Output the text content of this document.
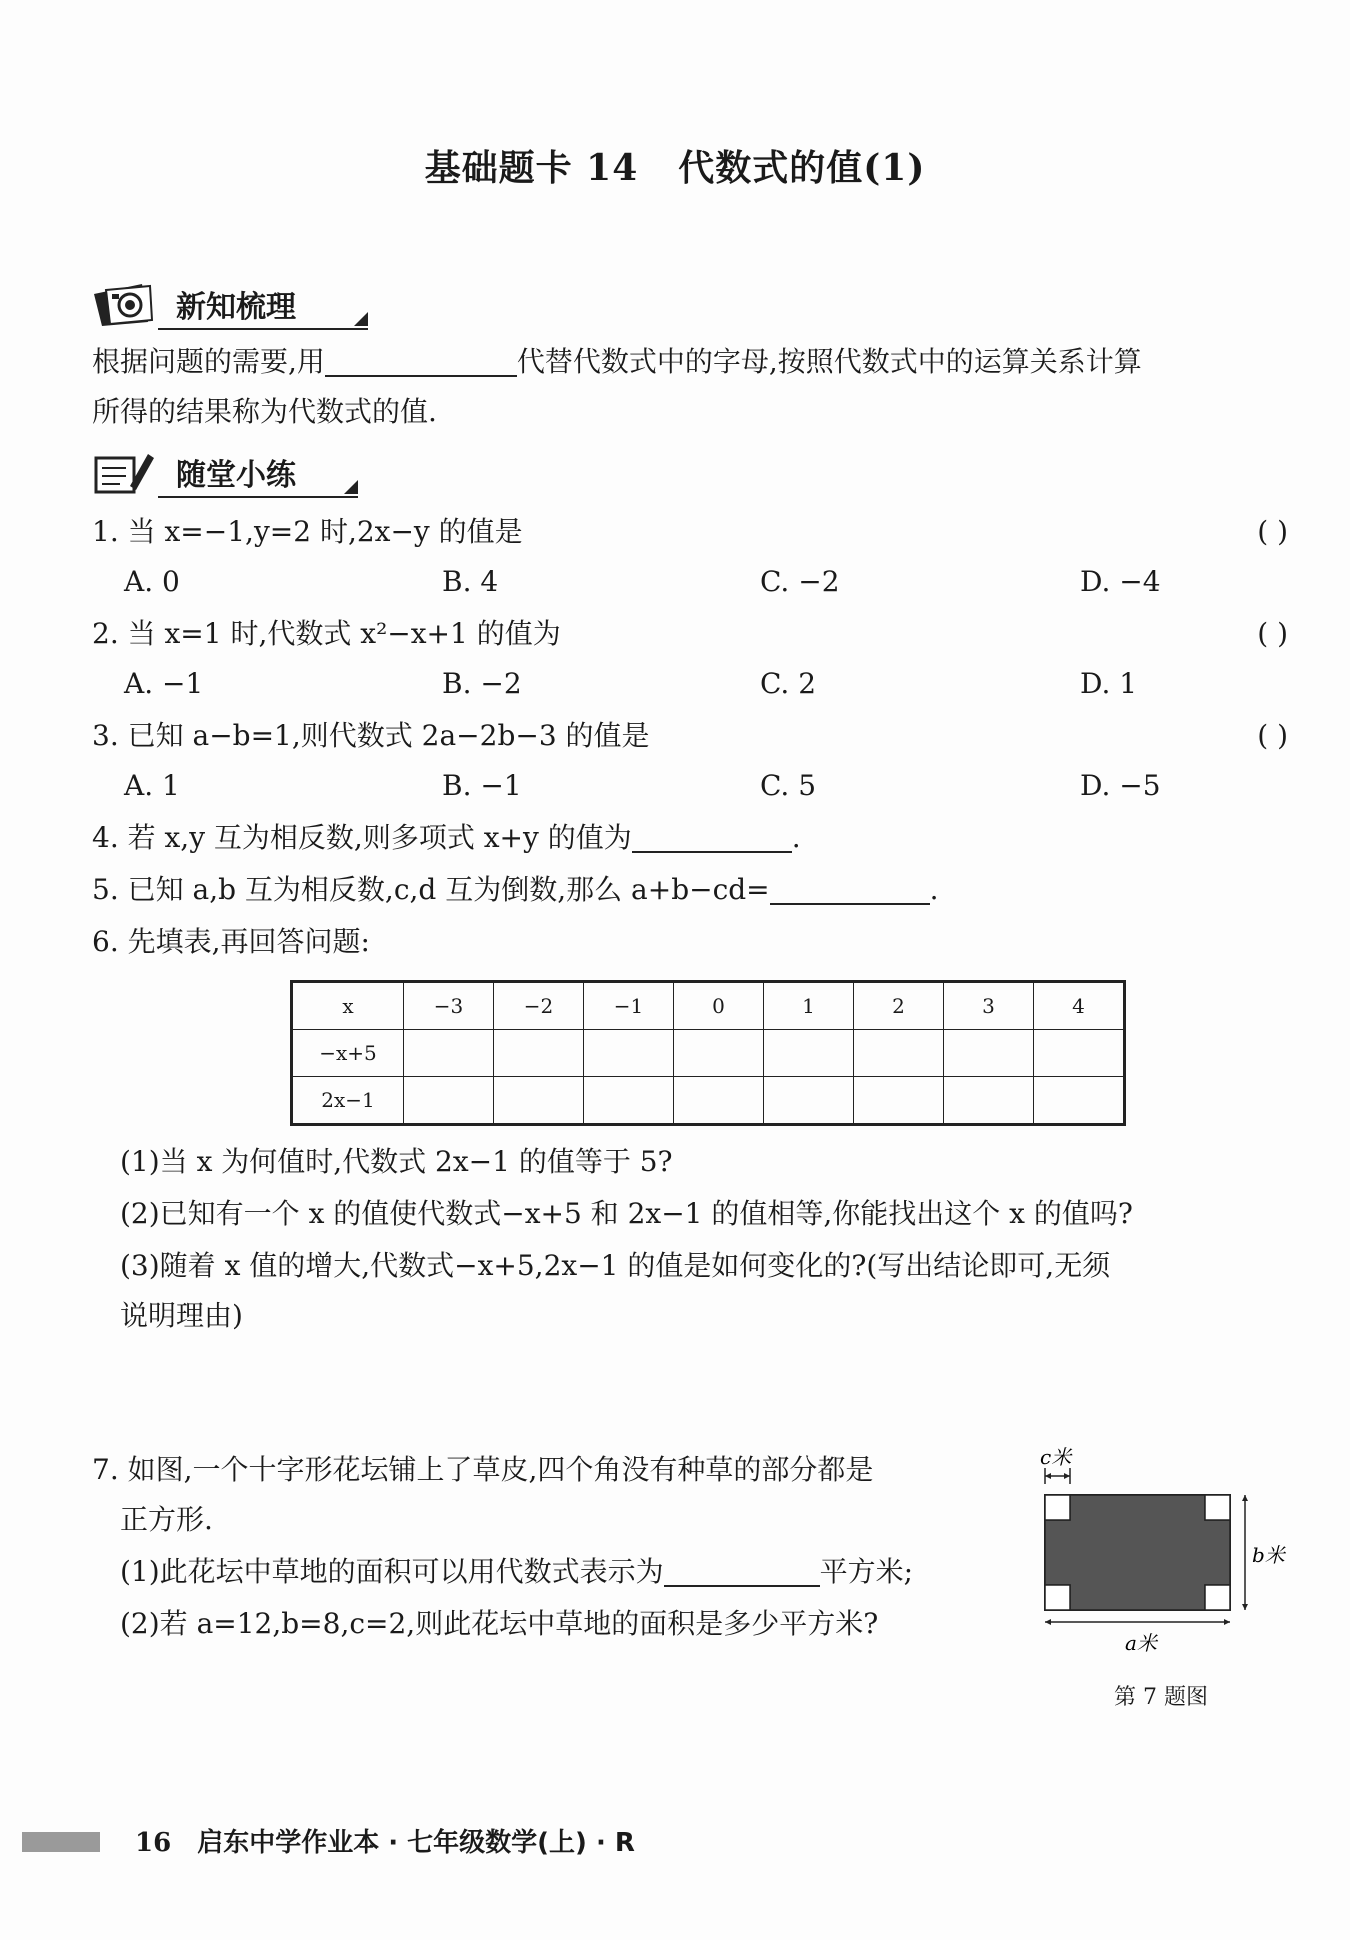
基础题卡 14 代数式的值(1)
新知梳理
根据问题的需要,用	代替代数式中的字母,按照代数式中的运算关系计算
所得的结果称为代数式的值.
随堂小练
1. 当 x=−1,y=2 时,2x−y 的值是	( )
A. 0	B. 4	C. −2	D. −4
2. 当 x=1 时,代数式 x²−x+1 的值为	( )
A. −1	B. −2	C. 2	D. 1
3. 已知 a−b=1,则代数式 2a−2b−3 的值是	( )
A. 1	B. −1	C. 5	D. −5
4. 若 x,y 互为相反数,则多项式 x+y 的值为	.
5. 已知 a,b 互为相反数,c,d 互为倒数,那么 a+b−cd=	.
6. 先填表,再回答问题:
x	−3	−2	−1	0	1	2	3	4
−x+5								
2x−1								
(1)当 x 为何值时,代数式 2x−1 的值等于 5?
(2)已知有一个 x 的值使代数式−x+5 和 2x−1 的值相等,你能找出这个 x 的值吗?
(3)随着 x 值的增大,代数式−x+5,2x−1 的值是如何变化的?(写出结论即可,无须
说明理由)
7. 如图,一个十字形花坛铺上了草皮,四个角没有种草的部分都是
正方形.
(1)此花坛中草地的面积可以用代数式表示为	平方米;
(2)若 a=12,b=8,c=2,则此花坛中草地的面积是多少平方米?
c米
b米
a米
第 7 题图
16 启东中学作业本 · 七年级数学(上) · R
